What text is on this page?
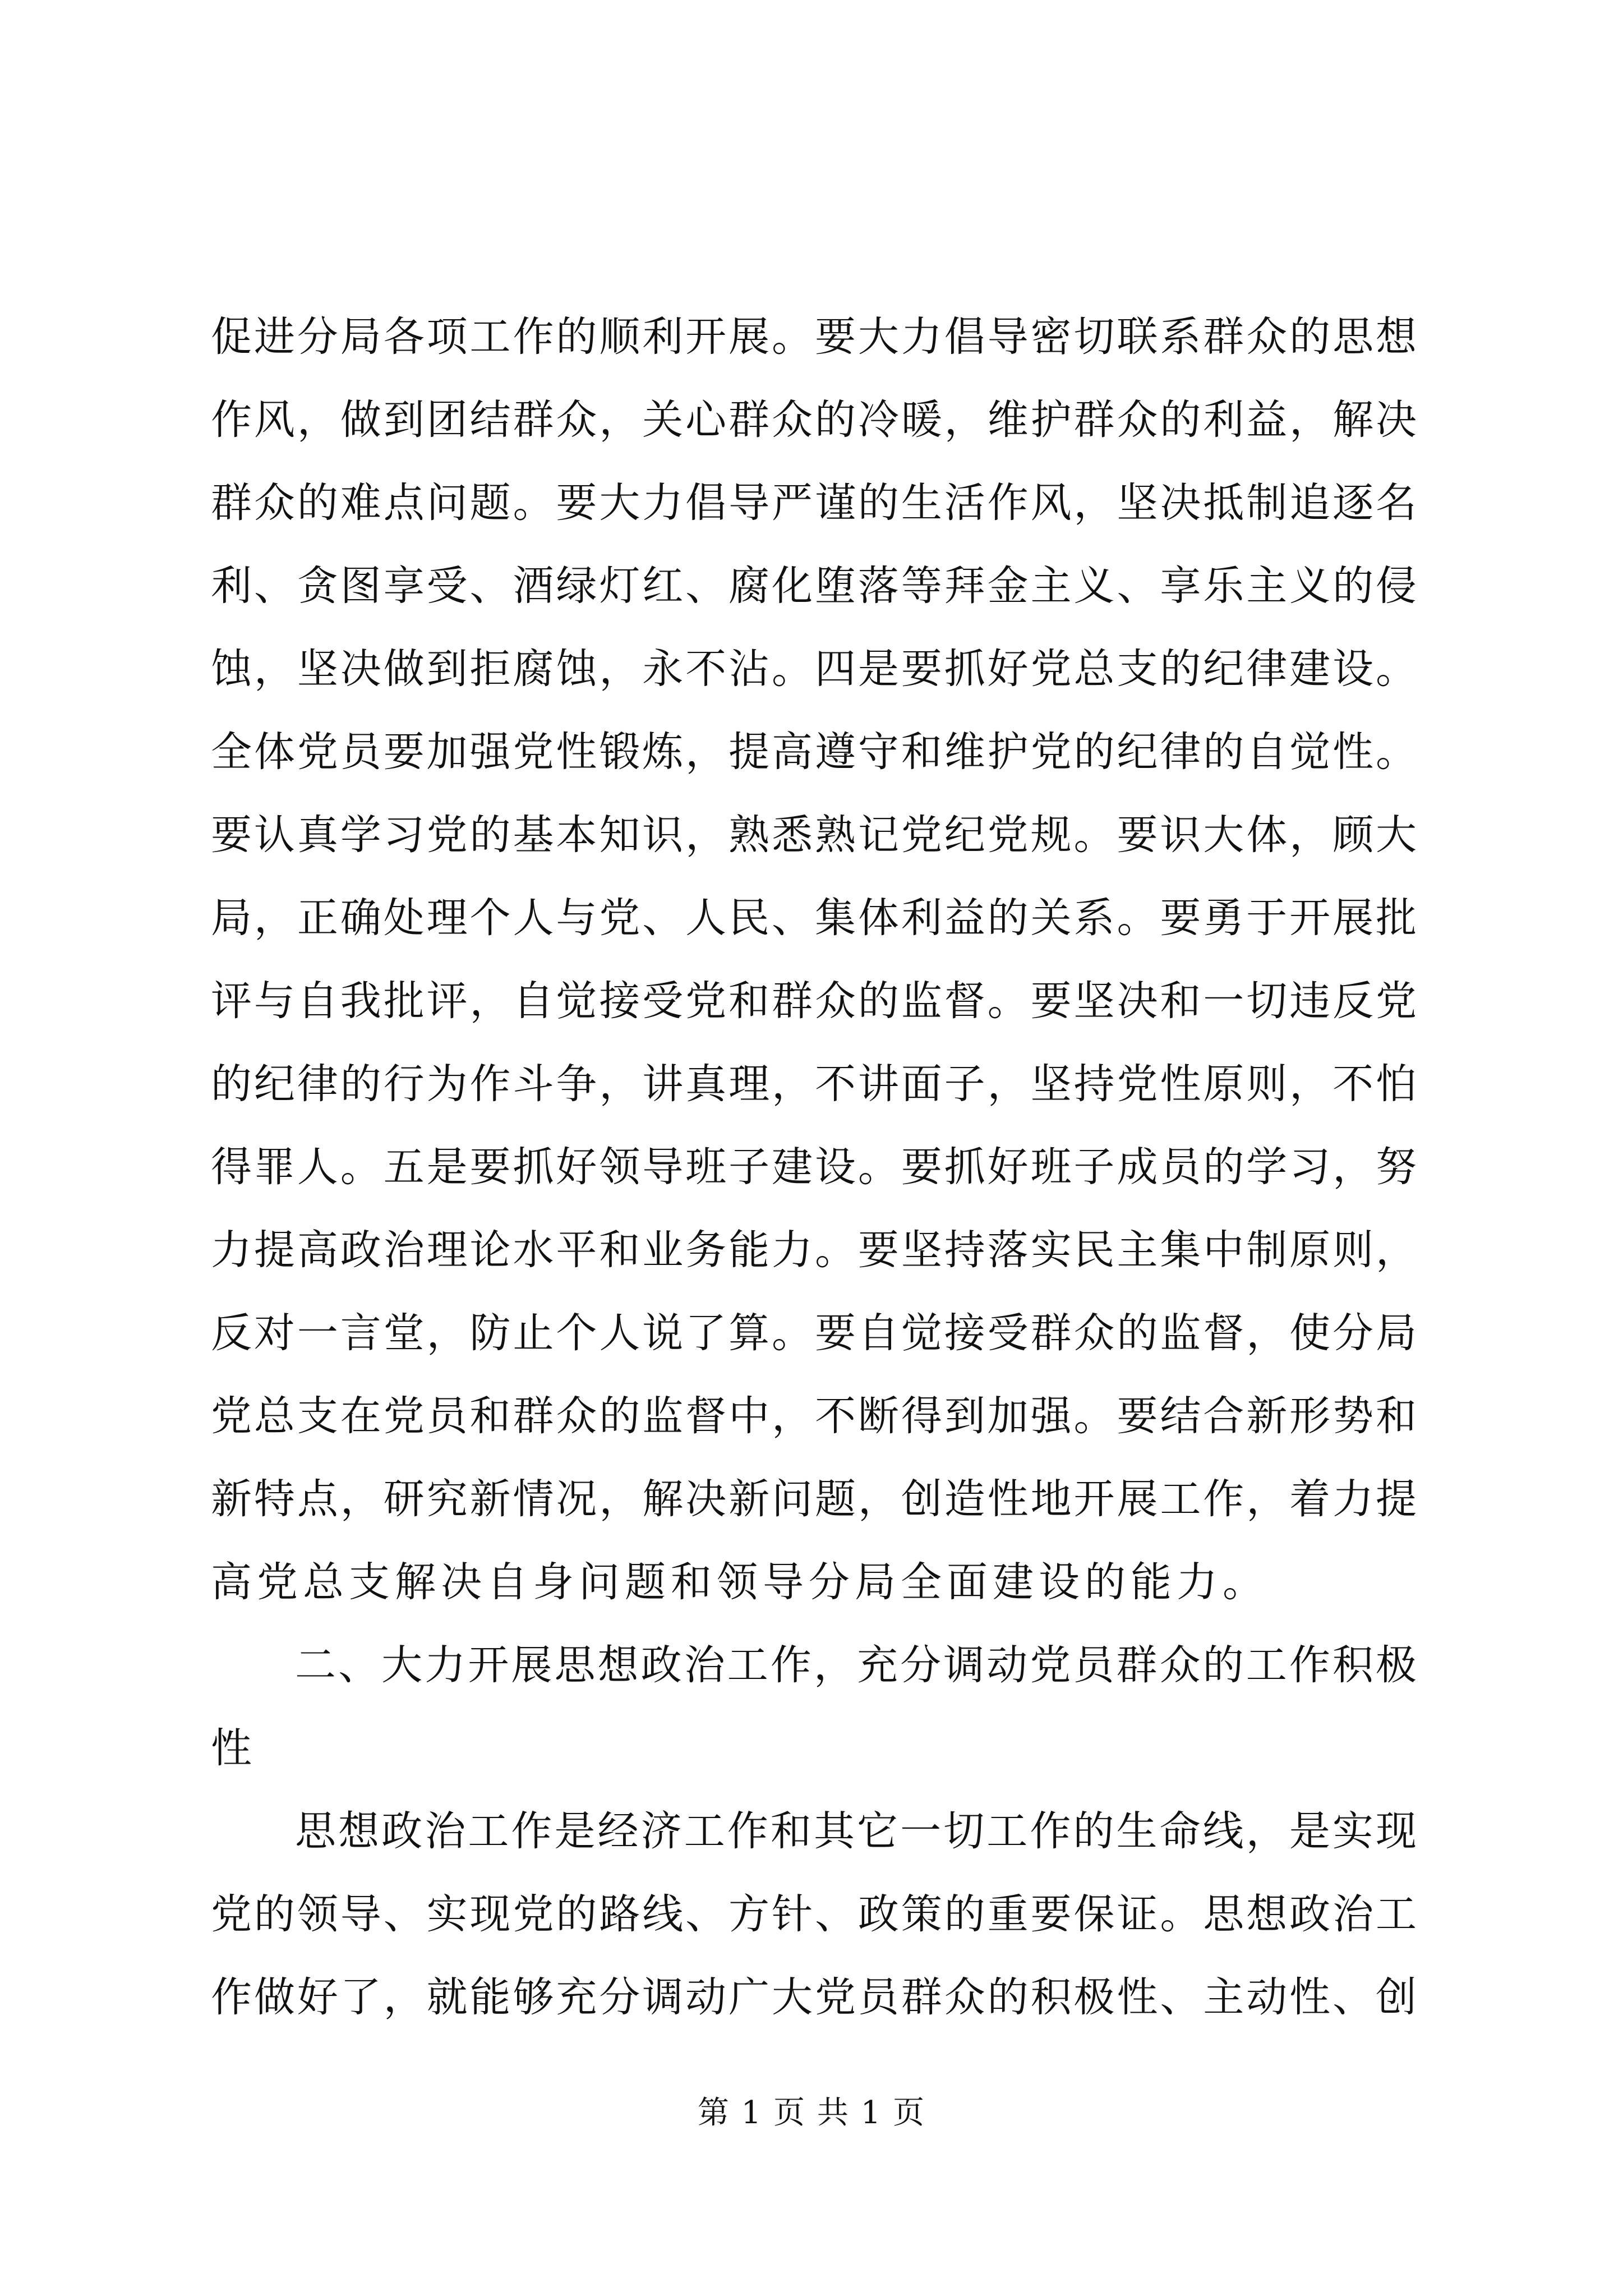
促进分局各项工作的顺利开展。要大力倡导密切联系群众的思想
作风，做到团结群众，关心群众的冷暖，维护群众的利益，解决
群众的难点问题。要大力倡导严谨的生活作风，坚决抵制追逐名
利、贪图享受、酒绿灯红、腐化堕落等拜金主义、享乐主义的侵
蚀，坚决做到拒腐蚀，永不沾。四是要抓好党总支的纪律建设。
全体党员要加强党性锻炼，提高遵守和维护党的纪律的自觉性。
要认真学习党的基本知识，熟悉熟记党纪党规。要识大体，顾大
局，正确处理个人与党、人民、集体利益的关系。要勇于开展批
评与自我批评，自觉接受党和群众的监督。要坚决和一切违反党
的纪律的行为作斗争，讲真理，不讲面子，坚持党性原则，不怕
得罪人。五是要抓好领导班子建设。要抓好班子成员的学习，努
力提高政治理论水平和业务能力。要坚持落实民主集中制原则，
反对一言堂，防止个人说了算。要自觉接受群众的监督，使分局
党总支在党员和群众的监督中，不断得到加强。要结合新形势和
新特点，研究新情况，解决新问题，创造性地开展工作，着力提
高党总支解决自身问题和领导分局全面建设的能力。
二、大力开展思想政治工作，充分调动党员群众的工作积极
性
思想政治工作是经济工作和其它一切工作的生命线，是实现
党的领导、实现党的路线、方针、政策的重要保证。思想政治工
作做好了，就能够充分调动广大党员群众的积极性、主动性、创
第 1 页 共 1 页
